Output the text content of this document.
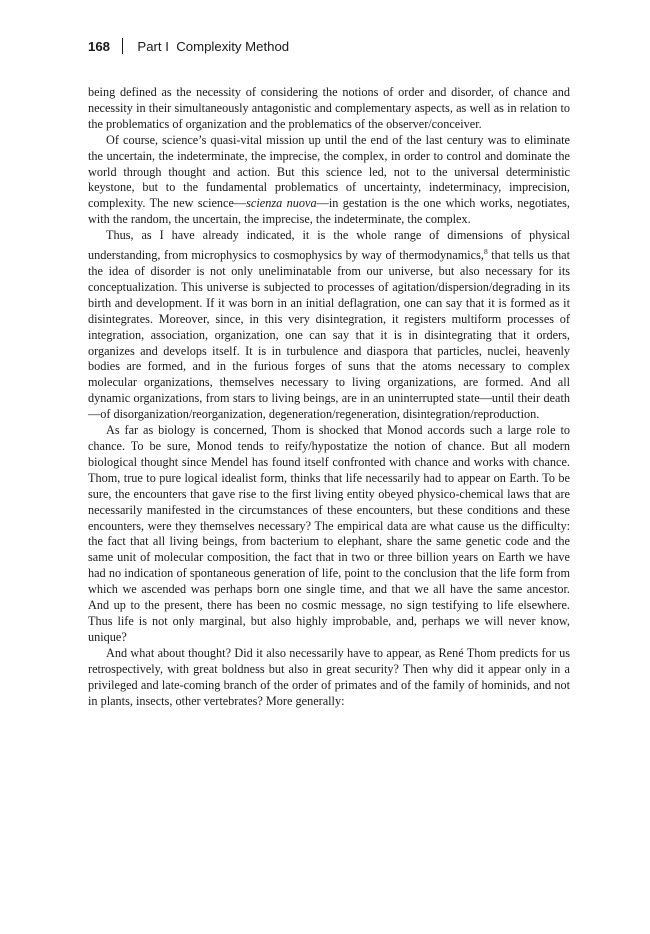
168 Part I  Complexity Method

being defined as the necessity of considering the notions of order and disorder, of chance and necessity in their simultaneously antagonistic and complementary aspects, as well as in relation to the problematics of organization and the problematics of the observer/conceiver.

Of course, science’s quasi-vital mission up until the end of the last century was to eliminate the uncertain, the indeterminate, the imprecise, the complex, in order to control and dominate the world through thought and action. But this science led, not to the universal deterministic keystone, but to the fundamental problematics of uncertainty, indeterminacy, imprecision, complexity. The new science—scienza nuova—in gestation is the one which works, negotiates, with the random, the uncertain, the imprecise, the indeterminate, the complex.

Thus, as I have already indicated, it is the whole range of dimensions of physical understanding, from microphysics to cosmophysics by way of thermodynamics,$^8$ that tells us that the idea of disorder is not only uneliminatable from our universe, but also necessary for its conceptualization. This universe is subjected to processes of agitation/dispersion/degrading in its birth and development. If it was born in an initial deflagration, one can say that it is formed as it disintegrates. Moreover, since, in this very disintegration, it registers multiform processes of integration, association, organization, one can say that it is in disintegrating that it orders, organizes and develops itself. It is in turbulence and diaspora that particles, nuclei, heavenly bodies are formed, and in the furious forges of suns that the atoms necessary to complex molecular organizations, themselves necessary to living organizations, are formed. And all dynamic organizations, from stars to living beings, are in an uninterrupted state—until their death—of disorganization/reorganization, degeneration/regeneration, disintegration/reproduction.

As far as biology is concerned, Thom is shocked that Monod accords such a large role to chance. To be sure, Monod tends to reify/hypostatize the notion of chance. But all modern biological thought since Mendel has found itself confronted with chance and works with chance. Thom, true to pure logical idealist form, thinks that life necessarily had to appear on Earth. To be sure, the encounters that gave rise to the first living entity obeyed physico-chemical laws that are necessarily manifested in the circumstances of these encounters, but these conditions and these encounters, were they themselves necessary? The empirical data are what cause us the difficulty: the fact that all living beings, from bacterium to elephant, share the same genetic code and the same unit of molecular composition, the fact that in two or three billion years on Earth we have had no indication of spontaneous generation of life, point to the conclusion that the life form from which we ascended was perhaps born one single time, and that we all have the same ancestor. And up to the present, there has been no cosmic message, no sign testifying to life elsewhere. Thus life is not only marginal, but also highly improbable, and, perhaps we will never know, unique?

And what about thought? Did it also necessarily have to appear, as René Thom predicts for us retrospectively, with great boldness but also in great security? Then why did it appear only in a privileged and late-coming branch of the order of primates and of the family of hominids, and not in plants, insects, other vertebrates? More generally:
